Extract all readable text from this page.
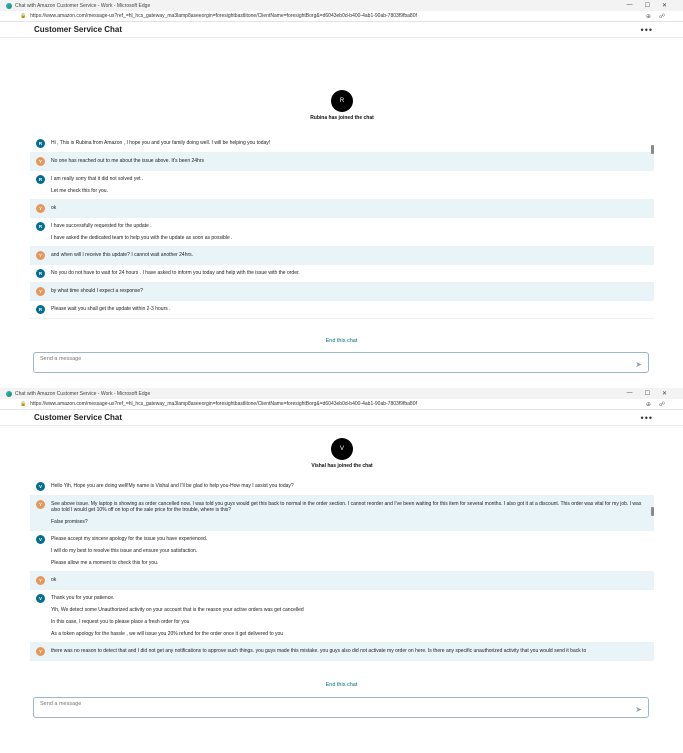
Chat with Amazon Customer Service - Work - Microsoft Edge	— ☐ ✕
🔒 https://www.amazon.com/message-us?ref_=hl_hcs_gateway_ma3lamp8aseeorgin=foresightbastlitone/ClientName=foresightBorg&=d6043eb0d-b400-4ab1-90ab-7803f9fba80f	⊕ ☍
Customer Service Chat	•••
R
Rubina has joined the chat
R	Hi , This is Rubina from Amazon , I hope you and your family doing well. I will be helping you today!
Y	No one has reached out to me about the issue above. It's been 24hrs
R	I am really sorry that it did not solved yet .
Let me check this for you.
Y	ok
R	I have successfully requested for the update .
I have asked the dedicated team to help you with the update as soon as possible .
Y	and when will I receive this update? I cannot wait another 24hrs.
R	No you do not have to wait for 24 hours . I have asked to inform you today and help with the issue with the order.
Y	by what time should I expect a response?
R	Please wait you shall get the update within 2-3 hours .
End this chat
Send a message
➤
Chat with Amazon Customer Service - Work - Microsoft Edge	— ☐ ✕
🔒 https://www.amazon.com/message-us?ref_=hl_hcs_gateway_ma3lamp8aseeorgin=foresightbastlitone/ClientName=foresightBorg&=d6043eb0d-b400-4ab1-90ab-7803f9fba80f	⊕ ☍
Customer Service Chat	•••
V
Vishal has joined the chat
V	Hello Yih, Hope you are doing well!My name is Vishal and I'll be glad to help you-How may I assist you today?
Y	See above issue. My laptop is showing as order cancelled now. I was told you guys would get this back to normal in the order section. I cannot reorder and I've been waiting for this item for several months. I also got it at a discount. This order was vital for my job. I was also told I would get 10% off on top of the sale price for the trouble, where is this?
False promises?
V	Please accept my sincere apology for the issue you have experienced.
I will do my best to resolve this issue and ensure your satisfaction.
Please allow me a moment to check this for you.
Y	ok
V	Thank you for your patience.
Yih, We detect some Unauthorized activity on your account that is the reason your active orders was get cancelled
In this case, I request you to please place a fresh order for you
As a token apology for the hassle , we will issue you 20% refund for the order once it get delivered to you
Y	there was no reason to detect that and I did not get any notifications to approve such things. you guys made this mistake. you guys also did not activate my order on here. Is there any specific unauthorized activity that you would send it back to
End this chat
Send a message
➤
